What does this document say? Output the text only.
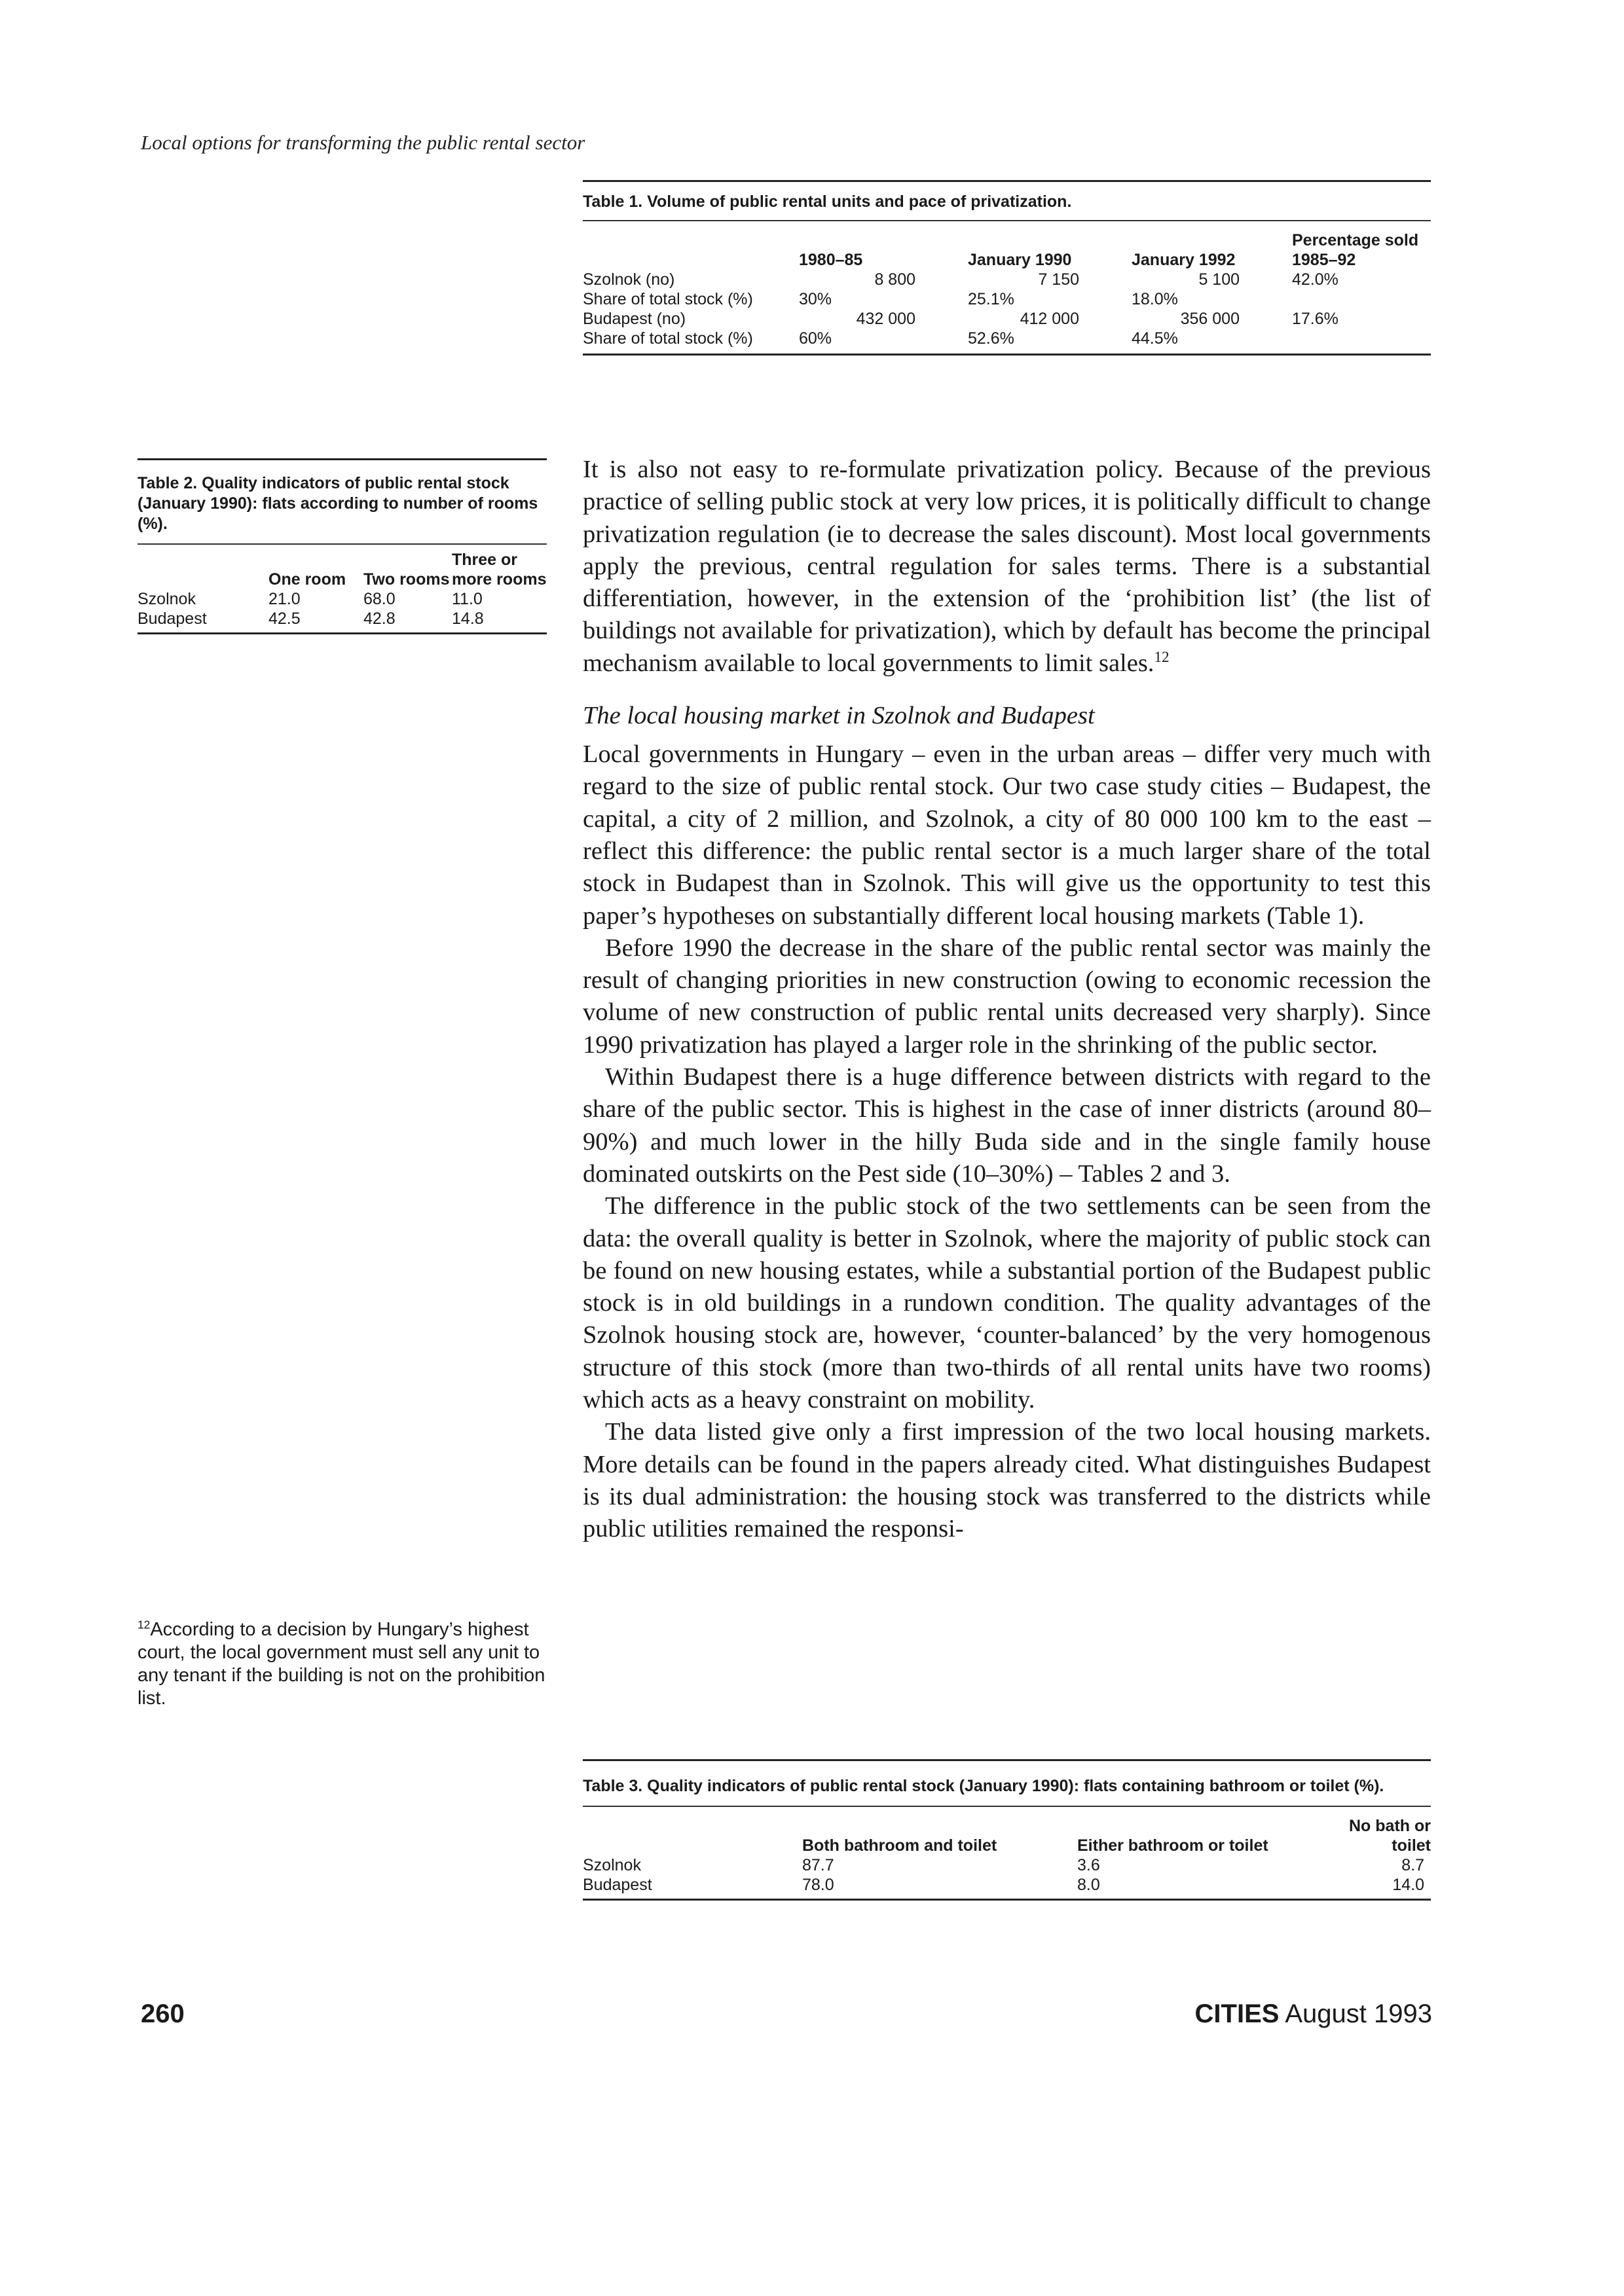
Local options for transforming the public rental sector
Table 1. Volume of public rental units and pace of privatization.
	1980–85	January 1990	January 1992	Percentage sold 1985–92
Szolnok (no)	8 800	7 150	5 100	42.0%
Share of total stock (%)	30%	25.1%	18.0%	
Budapest (no)	432 000	412 000	356 000	17.6%
Share of total stock (%)	60%	52.6%	44.5%	
Table 2. Quality indicators of public rental stock (January 1990): flats according to number of rooms (%).
	One room	Two rooms	Three or more rooms
Szolnok	21.0	68.0	11.0
Budapest	42.5	42.8	14.8

It is also not easy to re-formulate privatization policy. Because of the previous practice of selling public stock at very low prices, it is politically difficult to change privatization regulation (ie to decrease the sales discount). Most local governments apply the previous, central regulation for sales terms. There is a substantial differentiation, however, in the extension of the ‘prohibition list’ (the list of buildings not available for privatization), which by default has become the principal mechanism available to local governments to limit sales.$^{12}$

The local housing market in Szolnok and Budapest

Local governments in Hungary – even in the urban areas – differ very much with regard to the size of public rental stock. Our two case study cities – Budapest, the capital, a city of 2 million, and Szolnok, a city of 80 000 100 km to the east – reflect this difference: the public rental sector is a much larger share of the total stock in Budapest than in Szolnok. This will give us the opportunity to test this paper’s hypotheses on substantially different local housing markets (Table 1).

Before 1990 the decrease in the share of the public rental sector was mainly the result of changing priorities in new construction (owing to economic recession the volume of new construction of public rental units decreased very sharply). Since 1990 privatization has played a larger role in the shrinking of the public sector.

Within Budapest there is a huge difference between districts with regard to the share of the public sector. This is highest in the case of inner districts (around 80–90%) and much lower in the hilly Buda side and in the single family house dominated outskirts on the Pest side (10–30%) – Tables 2 and 3.

The difference in the public stock of the two settlements can be seen from the data: the overall quality is better in Szolnok, where the majority of public stock can be found on new housing estates, while a substantial portion of the Budapest public stock is in old buildings in a rundown condition. The quality advantages of the Szolnok housing stock are, however, ‘counter-balanced’ by the very homogenous structure of this stock (more than two-thirds of all rental units have two rooms) which acts as a heavy constraint on mobility.

The data listed give only a first impression of the two local housing markets. More details can be found in the papers already cited. What distinguishes Budapest is its dual administration: the housing stock was transferred to the districts while public utilities remained the responsi-

$^{12}$According to a decision by Hungary’s highest court, the local government must sell any unit to any tenant if the building is not on the prohibition list.
Table 3. Quality indicators of public rental stock (January 1990): flats containing bathroom or toilet (%).
	Both bathroom and toilet	Either bathroom or toilet	No bath or toilet
Szolnok	87.7	3.6	8.7
Budapest	78.0	8.0	14.0
260	CITIES August 1993
